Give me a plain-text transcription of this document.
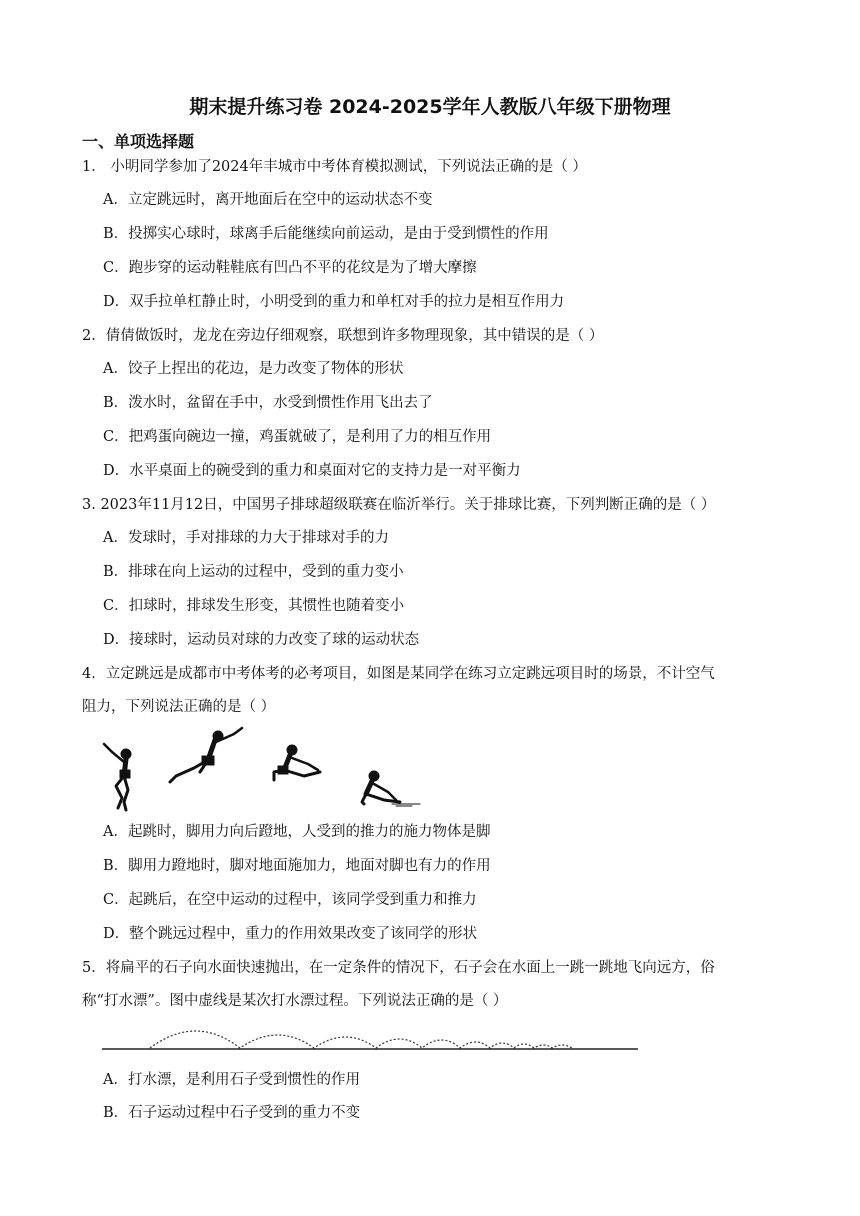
期末提升练习卷 2024-2025学年人教版八年级下册物理
一、单项选择题
1． 小明同学参加了2024年丰城市中考体育模拟测试，下列说法正确的是（ ）
A．立定跳远时，离开地面后在空中的运动状态不变
B．投掷实心球时，球离手后能继续向前运动，是由于受到惯性的作用
C．跑步穿的运动鞋鞋底有凹凸不平的花纹是为了增大摩擦
D．双手拉单杠静止时，小明受到的重力和单杠对手的拉力是相互作用力
2．倩倩做饭时，龙龙在旁边仔细观察，联想到许多物理现象，其中错误的是（ ）
A．饺子上捏出的花边，是力改变了物体的形状
B．泼水时，盆留在手中，水受到惯性作用飞出去了
C．把鸡蛋向碗边一撞，鸡蛋就破了，是利用了力的相互作用
D．水平桌面上的碗受到的重力和桌面对它的支持力是一对平衡力
3. 2023年11月12日，中国男子排球超级联赛在临沂举行。关于排球比赛，下列判断正确的是（ ）
A．发球时，手对排球的力大于排球对手的力
B．排球在向上运动的过程中，受到的重力变小
C．扣球时，排球发生形变，其惯性也随着变小
D．接球时，运动员对球的力改变了球的运动状态
4．立定跳远是成都市中考体考的必考项目，如图是某同学在练习立定跳远项目时的场景，不计空气
阻力，下列说法正确的是（ ）
A．起跳时，脚用力向后蹬地，人受到的推力的施力物体是脚
B．脚用力蹬地时，脚对地面施加力，地面对脚也有力的作用
C．起跳后，在空中运动的过程中，该同学受到重力和推力
D．整个跳远过程中，重力的作用效果改变了该同学的形状
5．将扁平的石子向水面快速抛出，在一定条件的情况下，石子会在水面上一跳一跳地飞向远方，俗
称“打水漂”。图中虚线是某次打水漂过程。下列说法正确的是（ ）
A．打水漂，是利用石子受到惯性的作用
B．石子运动过程中石子受到的重力不变
